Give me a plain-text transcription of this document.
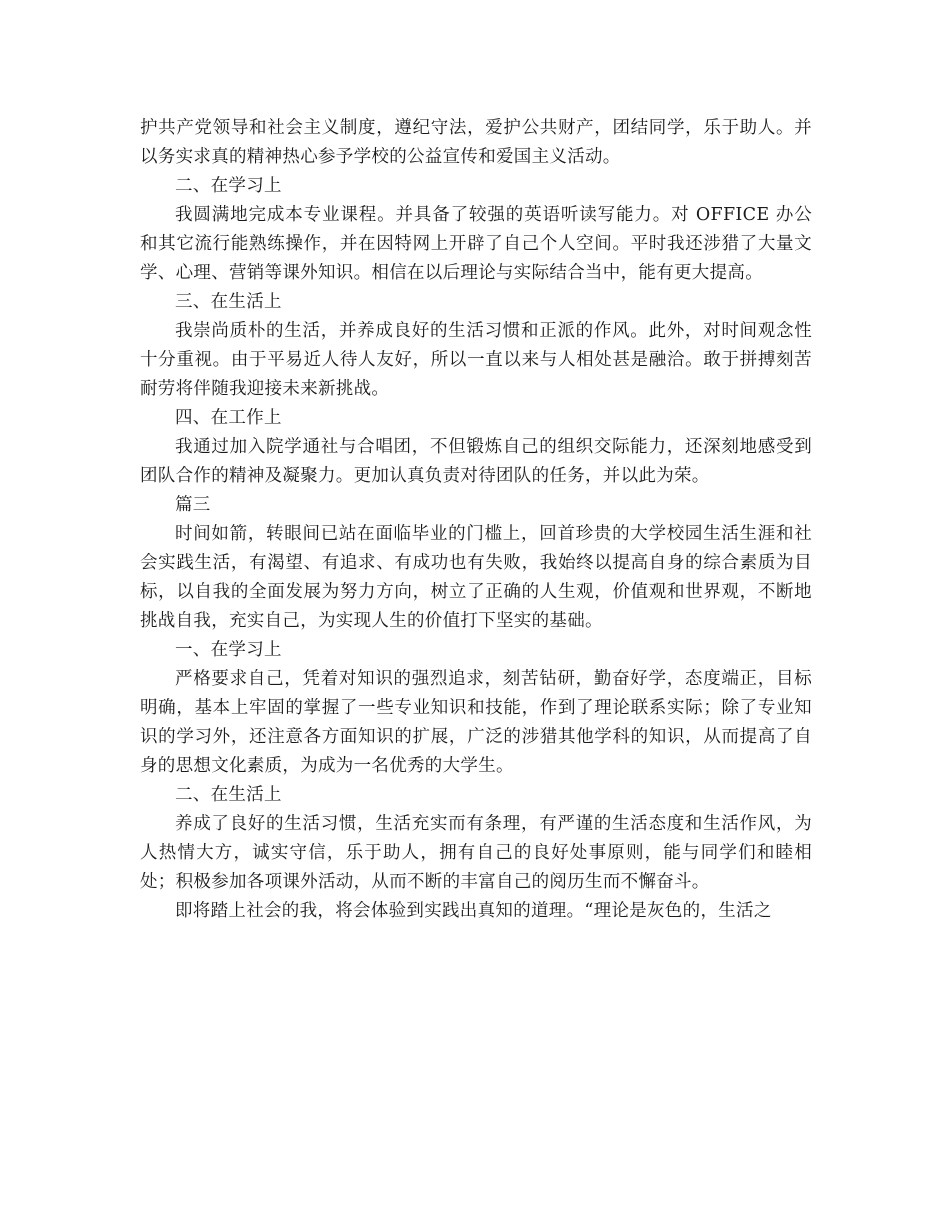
护共产党领导和社会主义制度，遵纪守法，爱护公共财产，团结同学，乐于助人。并以务实求真的精神热心参予学校的公益宣传和爱国主义活动。

二、在学习上

我圆满地完成本专业课程。并具备了较强的英语听读写能力。对 OFFICE 办公和其它流行能熟练操作，并在因特网上开辟了自己个人空间。平时我还涉猎了大量文学、心理、营销等课外知识。相信在以后理论与实际结合当中，能有更大提高。

三、在生活上

我崇尚质朴的生活，并养成良好的生活习惯和正派的作风。此外，对时间观念性十分重视。由于平易近人待人友好，所以一直以来与人相处甚是融洽。敢于拼搏刻苦耐劳将伴随我迎接未来新挑战。

四、在工作上

我通过加入院学通社与合唱团，不但锻炼自己的组织交际能力，还深刻地感受到团队合作的精神及凝聚力。更加认真负责对待团队的任务，并以此为荣。

篇三

时间如箭，转眼间已站在面临毕业的门槛上，回首珍贵的大学校园生活生涯和社会实践生活，有渴望、有追求、有成功也有失败，我始终以提高自身的综合素质为目标，以自我的全面发展为努力方向，树立了正确的人生观，价值观和世界观，不断地挑战自我，充实自己，为实现人生的价值打下坚实的基础。

一、在学习上

严格要求自己，凭着对知识的强烈追求，刻苦钻研，勤奋好学，态度端正，目标明确，基本上牢固的掌握了一些专业知识和技能，作到了理论联系实际；除了专业知识的学习外，还注意各方面知识的扩展，广泛的涉猎其他学科的知识，从而提高了自身的思想文化素质，为成为一名优秀的大学生。

二、在生活上

养成了良好的生活习惯，生活充实而有条理，有严谨的生活态度和生活作风，为人热情大方，诚实守信，乐于助人，拥有自己的良好处事原则，能与同学们和睦相处；积极参加各项课外活动，从而不断的丰富自己的阅历生而不懈奋斗。

即将踏上社会的我，将会体验到实践出真知的道理。“理论是灰色的，生活之
